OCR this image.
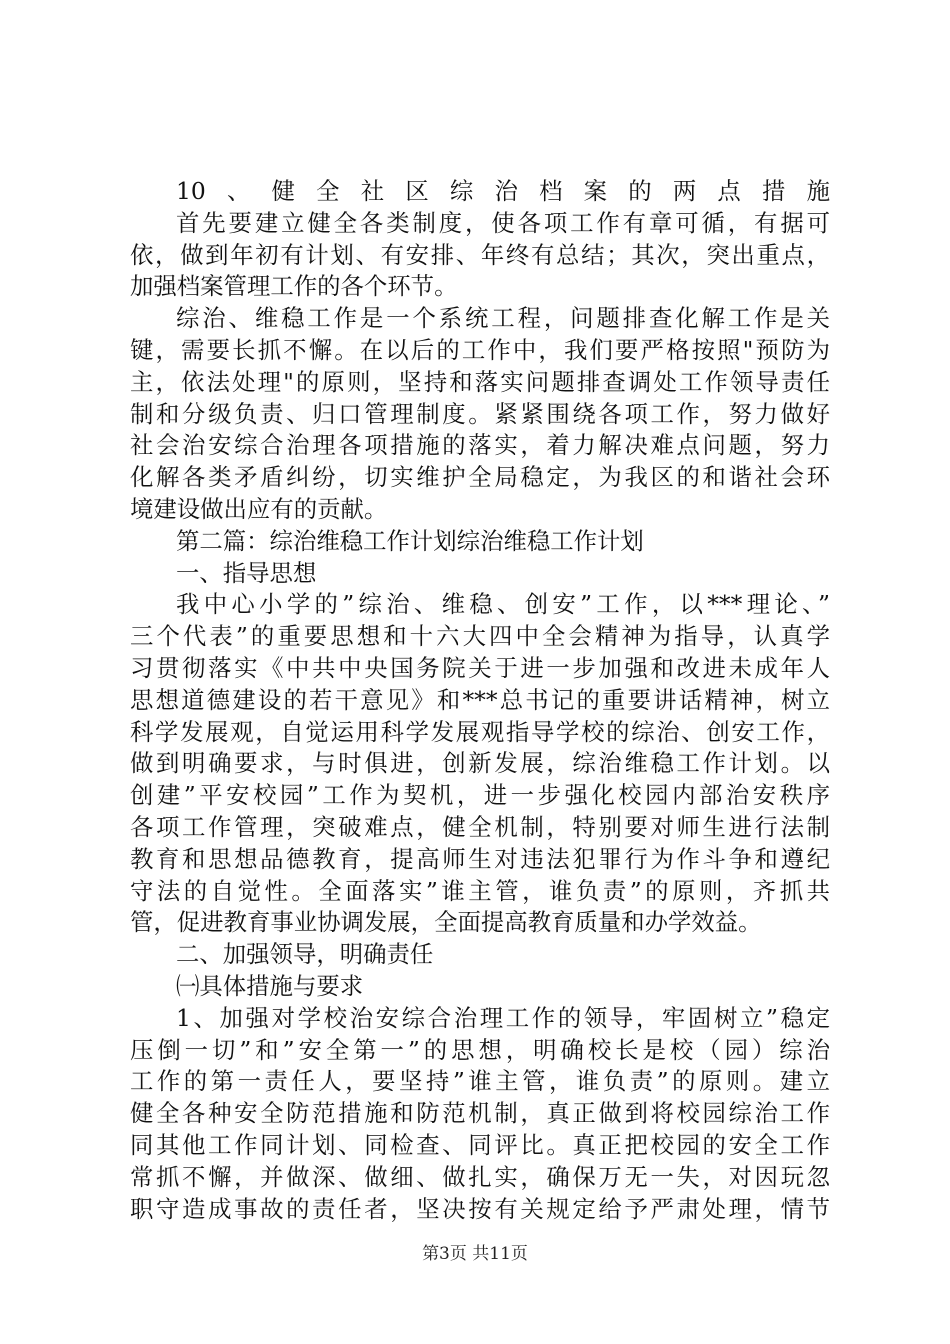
10、健全社区综治档案的两点措施
首先要建立健全各类制度，使各项工作有章可循，有据可
依，做到年初有计划、有安排、年终有总结；其次，突出重点，
加强档案管理工作的各个环节。
综治、维稳工作是一个系统工程，问题排查化解工作是关
键，需要长抓不懈。在以后的工作中，我们要严格按照"预防为
主，依法处理"的原则，坚持和落实问题排查调处工作领导责任
制和分级负责、归口管理制度。紧紧围绕各项工作，努力做好
社会治安综合治理各项措施的落实，着力解决难点问题，努力
化解各类矛盾纠纷，切实维护全局稳定，为我区的和谐社会环
境建设做出应有的贡献。
第二篇：综治维稳工作计划综治维稳工作计划
一、指导思想
我中心小学的”综治、维稳、创安”工作，以***理论、”
三个代表”的重要思想和十六大四中全会精神为指导，认真学
习贯彻落实《中共中央国务院关于进一步加强和改进未成年人
思想道德建设的若干意见》和***总书记的重要讲话精神，树立
科学发展观，自觉运用科学发展观指导学校的综治、创安工作，
做到明确要求，与时俱进，创新发展，综治维稳工作计划。以
创建”平安校园”工作为契机，进一步强化校园内部治安秩序
各项工作管理，突破难点，健全机制，特别要对师生进行法制
教育和思想品德教育，提高师生对违法犯罪行为作斗争和遵纪
守法的自觉性。全面落实”谁主管，谁负责”的原则，齐抓共
管，促进教育事业协调发展，全面提高教育质量和办学效益。
二、加强领导，明确责任
㈠具体措施与要求
1、加强对学校治安综合治理工作的领导，牢固树立”稳定
压倒一切”和”安全第一”的思想，明确校长是校（园）综治
工作的第一责任人，要坚持”谁主管，谁负责”的原则。建立
健全各种安全防范措施和防范机制，真正做到将校园综治工作
同其他工作同计划、同检查、同评比。真正把校园的安全工作
常抓不懈，并做深、做细、做扎实，确保万无一失，对因玩忽
职守造成事故的责任者，坚决按有关规定给予严肃处理，情节
第3页 共11页
